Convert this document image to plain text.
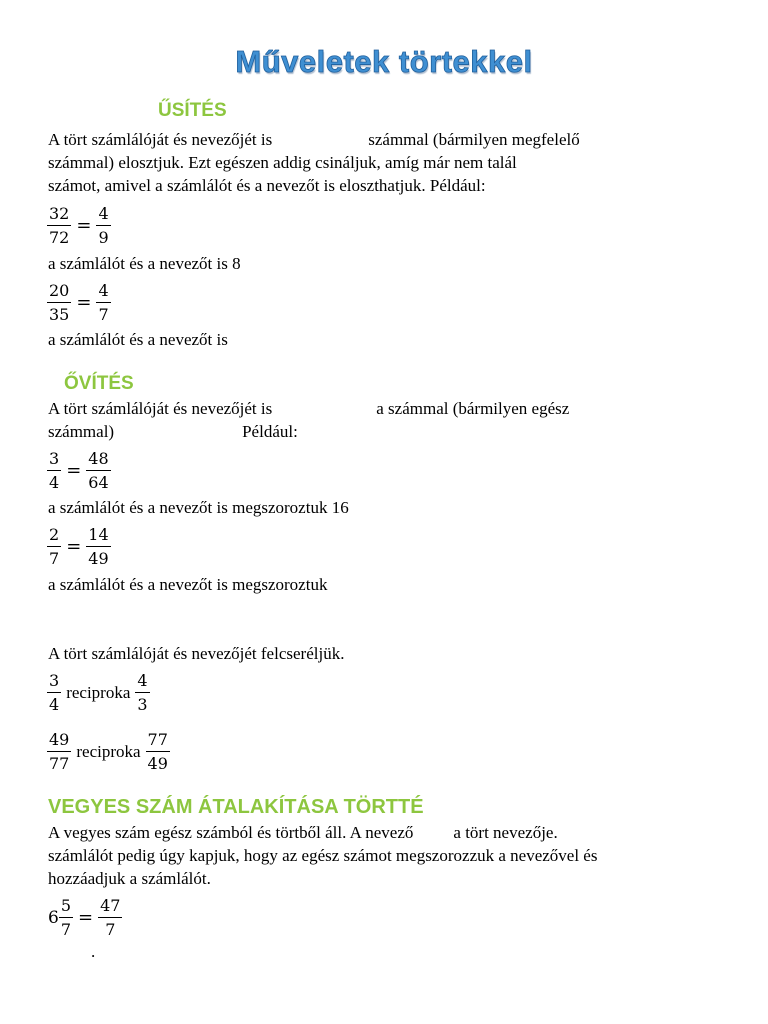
Műveletek törtekkel
ŰSÍTÉS
A tört számlálóját és nevezőjét is	számmal (bármilyen megfelelő
számmal) elosztjuk. Ezt egészen addig csináljuk, amíg már nem talál
számot, amivel a számlálót és a nevezőt is eloszthatjuk. Például:
$\frac{32}{72} = \frac{4}{9}$
a számlálót és a nevezőt is 8
$\frac{20}{35} = \frac{4}{7}$
a számlálót és a nevezőt is
ŐVÍTÉS
A tört számlálóját és nevezőjét is	a számmal (bármilyen egész
számmal)	Például:
$\frac{3}{4} = \frac{48}{64}$
a számlálót és a nevezőt is megszoroztuk 16
$\frac{2}{7} = \frac{14}{49}$
a számlálót és a nevezőt is megszoroztuk
A tört számlálóját és nevezőjét felcseréljük.
$\frac{3}{4}$ reciproka $\frac{4}{3}$
$\frac{49}{77}$ reciproka $\frac{77}{49}$
VEGYES SZÁM ÁTALAKÍTÁSA TÖRTTÉ
A vegyes szám egész számból és törtből áll. A nevező a tört nevezője.
számlálót pedig úgy kapjuk, hogy az egész számot megszorozzuk a nevezővel és
hozzáadjuk a számlálót.
$6 \frac{5}{7} = \frac{47}{7}$
.
